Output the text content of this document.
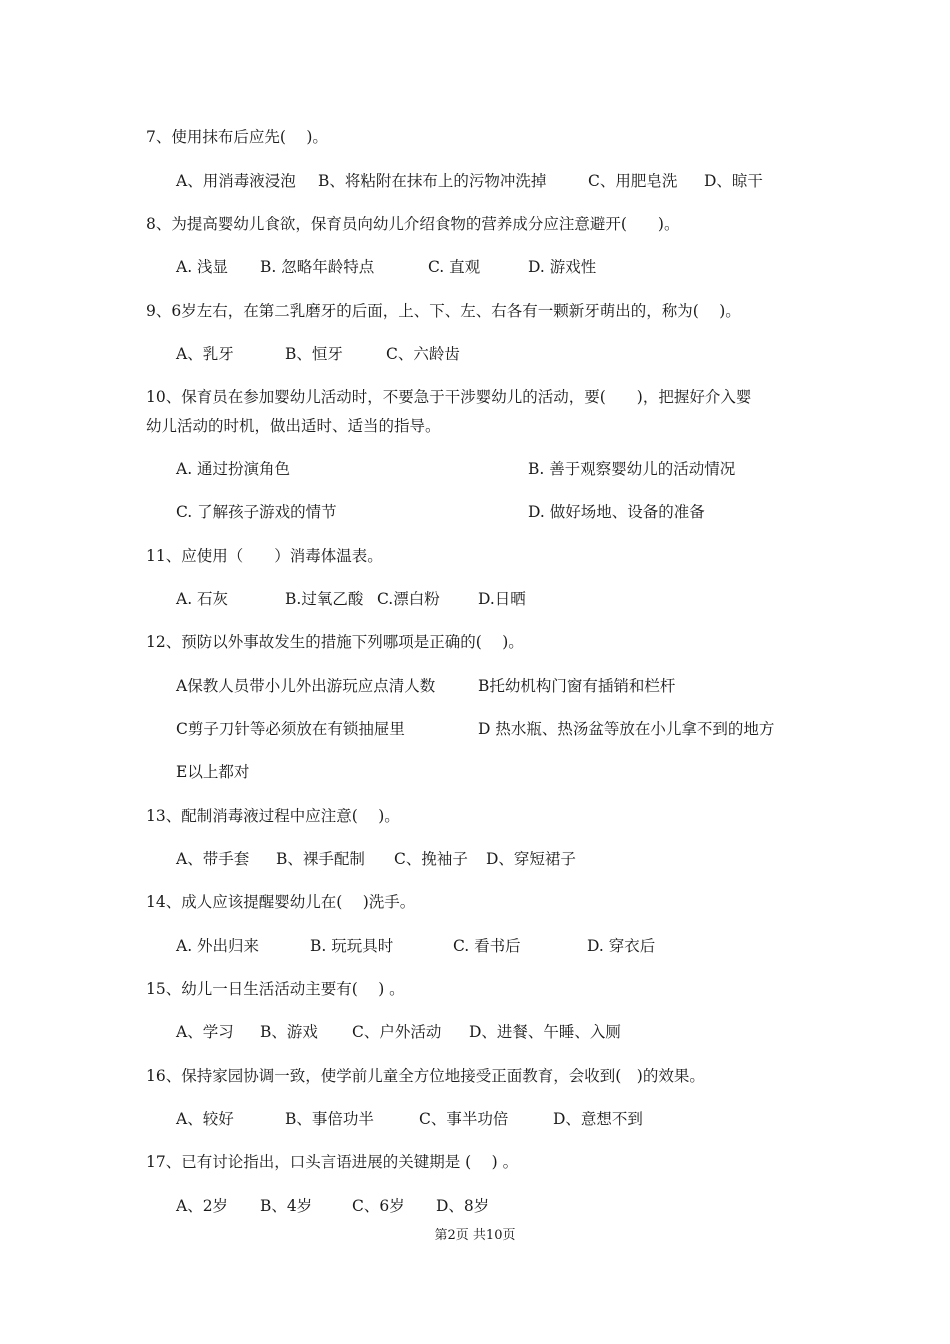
7、使用抹布后应先(　 )。
A、用消毒液浸泡 B、将粘附在抹布上的污物冲洗掉	C、用肥皂洗 D、晾干
8、为提高婴幼儿食欲，保育员向幼儿介绍食物的营养成分应注意避开(　　)。
A. 浅显 B. 忽略年龄特点	C. 直观	D. 游戏性
9、6岁左右，在第二乳磨牙的后面，上、下、左、右各有一颗新牙萌出的，称为(　 )。
A、乳牙	B、恒牙	C、六龄齿
10、保育员在参加婴幼儿活动时，不要急于干涉婴幼儿的活动，要(　　)，把握好介入婴
幼儿活动的时机，做出适时、适当的指导。
A. 通过扮演角色	B. 善于观察婴幼儿的活动情况
C. 了解孩子游戏的情节	D. 做好场地、设备的准备
11、应使用（　　）消毒体温表。
A. 石灰	B.过氧乙酸 C.漂白粉 D.日晒
12、预防以外事故发生的措施下列哪项是正确的(　 )。
A保教人员带小儿外出游玩应点清人数	B托幼机构门窗有插销和栏杆
C剪子刀针等必须放在有锁抽屉里	D 热水瓶、热汤盆等放在小儿拿不到的地方
E以上都对
13、配制消毒液过程中应注意(　 )。
A、带手套 B、裸手配制 C、挽袖子 D、穿短裙子
14、成人应该提醒婴幼儿在(　 )洗手。
A. 外出归来	B. 玩玩具时	C. 看书后	D. 穿衣后
15、幼儿一日生活活动主要有(　 ) 。
A、学习 B、游戏 C、户外活动 D、进餐、午睡、入厕
16、保持家园协调一致，使学前儿童全方位地接受正面教育，会收到(　)的效果。
A、较好	B、事倍功半	C、事半功倍	D、意想不到
17、已有讨论指出，口头言语进展的关键期是 (　 ) 。
A、2岁 B、4岁	C、6岁 D、8岁
第2页 共10页
